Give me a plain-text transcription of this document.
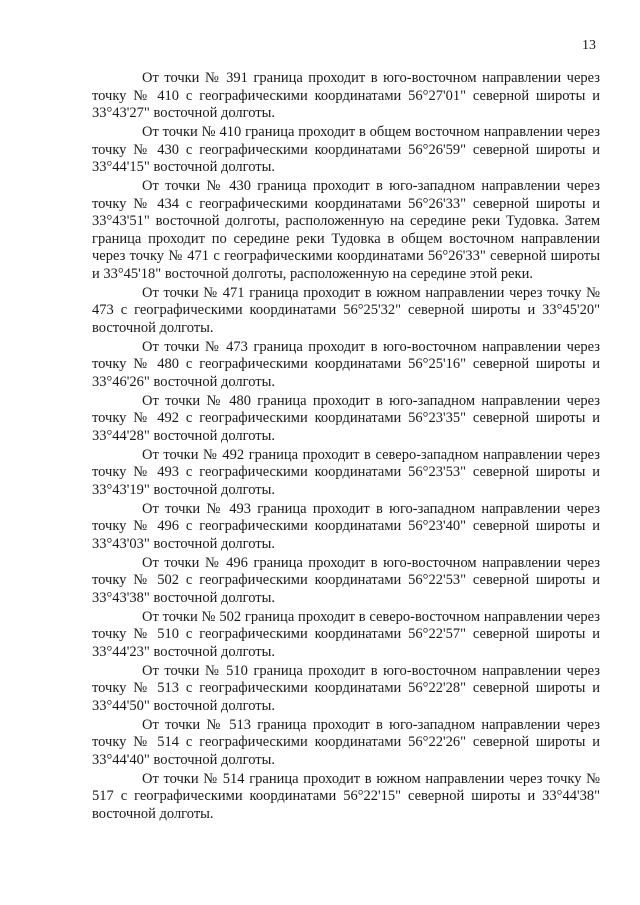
13

От точки № 391 граница проходит в юго-восточном направлении через точку № 410 с географическими координатами 56°27'01" северной широты и 33°43'27" восточной долготы.

От точки № 410 граница проходит в общем восточном направлении через точку № 430 с географическими координатами 56°26'59" северной широты и 33°44'15" восточной долготы.

От точки № 430 граница проходит в юго-западном направлении через точку № 434 с географическими координатами 56°26'33" северной широты и 33°43'51" восточной долготы, расположенную на середине реки Тудовка. Затем граница проходит по середине реки Тудовка в общем восточном направлении через точку № 471 с географическими координатами 56°26'33" северной широты и 33°45'18" восточной долготы, расположенную на середине этой реки.

От точки № 471 граница проходит в южном направлении через точку № 473 с географическими координатами 56°25'32" северной широты и 33°45'20" восточной долготы.

От точки № 473 граница проходит в юго-восточном направлении через точку № 480 с географическими координатами 56°25'16" северной широты и 33°46'26" восточной долготы.

От точки № 480 граница проходит в юго-западном направлении через точку № 492 с географическими координатами 56°23'35" северной широты и 33°44'28" восточной долготы.

От точки № 492 граница проходит в северо-западном направлении через точку № 493 с географическими координатами 56°23'53" северной широты и 33°43'19" восточной долготы.

От точки № 493 граница проходит в юго-западном направлении через точку № 496 с географическими координатами 56°23'40" северной широты и 33°43'03" восточной долготы.

От точки № 496 граница проходит в юго-восточном направлении через точку № 502 с географическими координатами 56°22'53" северной широты и 33°43'38" восточной долготы.

От точки № 502 граница проходит в северо-восточном направлении через точку № 510 с географическими координатами 56°22'57" северной широты и 33°44'23" восточной долготы.

От точки № 510 граница проходит в юго-восточном направлении через точку № 513 с географическими координатами 56°22'28" северной широты и 33°44'50" восточной долготы.

От точки № 513 граница проходит в юго-западном направлении через точку № 514 с географическими координатами 56°22'26" северной широты и 33°44'40" восточной долготы.

От точки № 514 граница проходит в южном направлении через точку № 517 с географическими координатами 56°22'15" северной широты и 33°44'38" восточной долготы.
